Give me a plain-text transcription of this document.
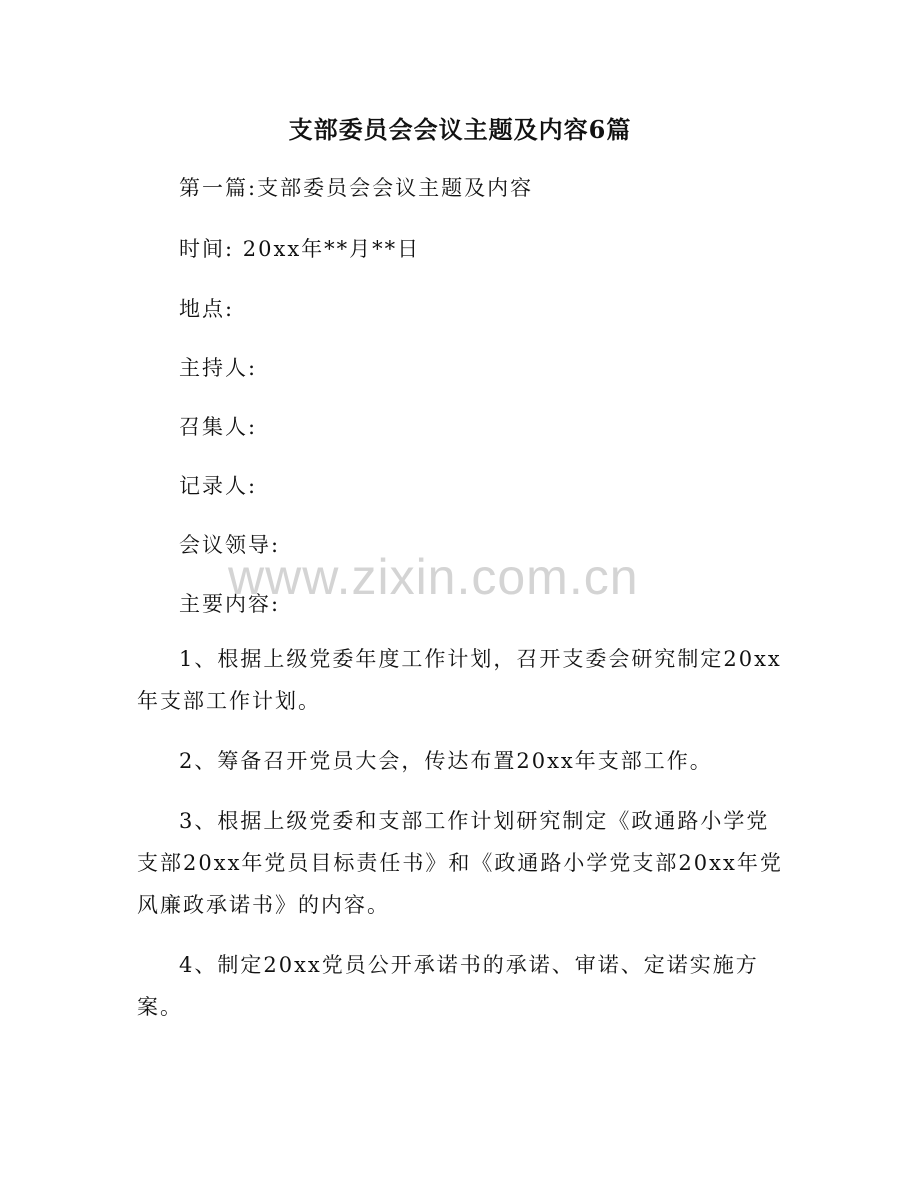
支部委员会会议主题及内容6篇
第一篇:支部委员会会议主题及内容
时间: 20xx年**月**日
地点:
主持人:
召集人:
记录人:
会议领导:
主要内容:
1、根据上级党委年度工作计划，召开支委会研究制定20xx年支部工作计划。
2、筹备召开党员大会，传达布置20xx年支部工作。
3、根据上级党委和支部工作计划研究制定《政通路小学党支部20xx年党员目标责任书》和《政通路小学党支部20xx年党风廉政承诺书》的内容。
4、制定20xx党员公开承诺书的承诺、审诺、定诺实施方案。
www.zixin.com.cn
